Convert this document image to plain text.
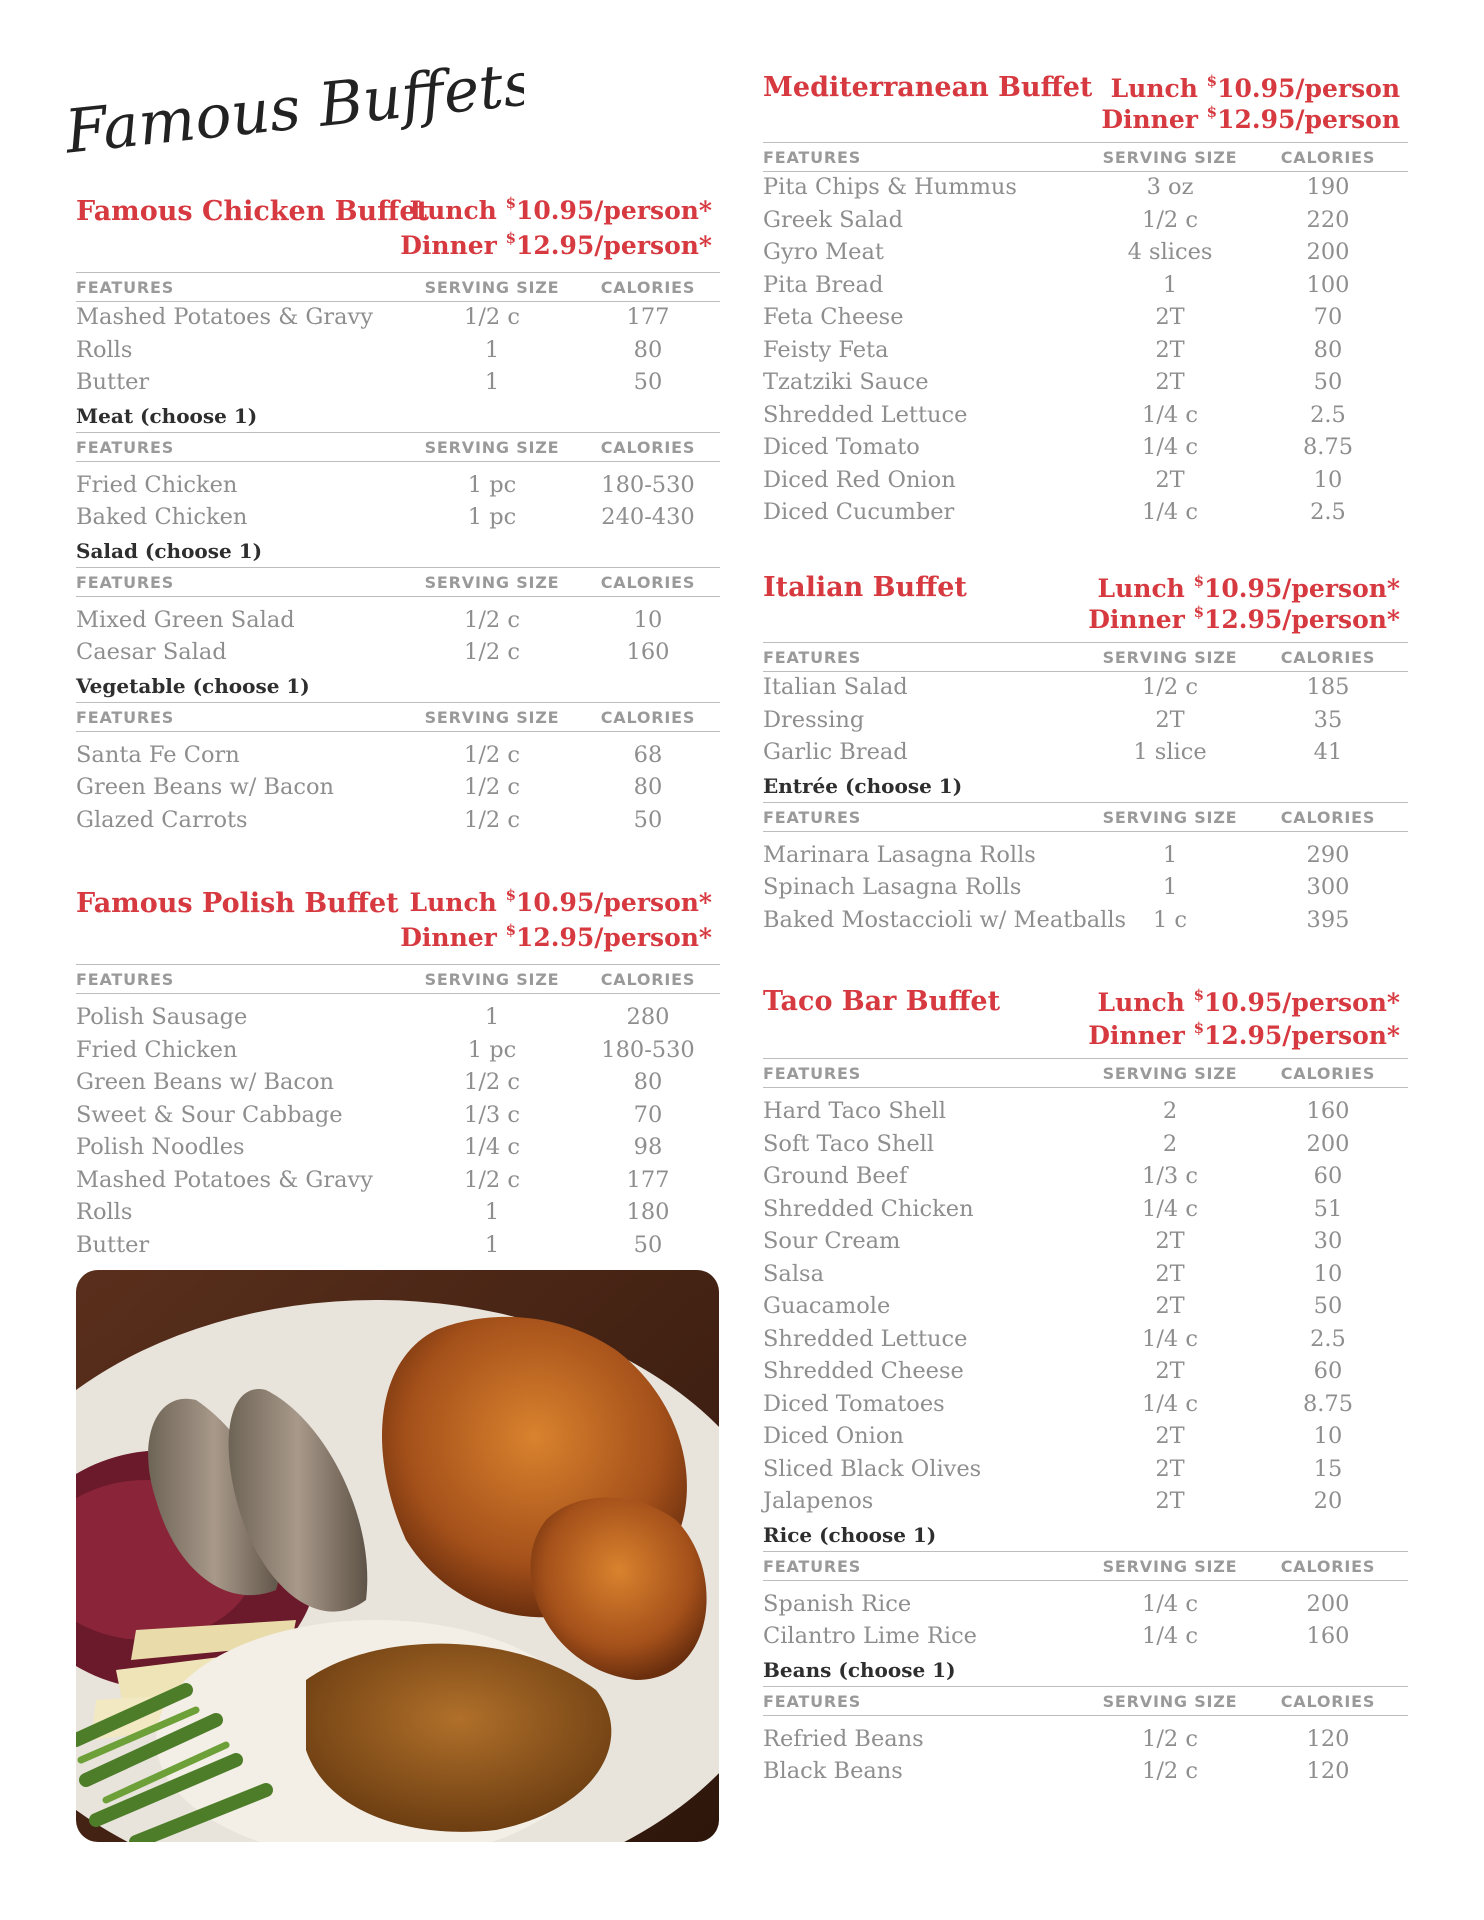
Famous Buffets
Famous Chicken Buffet
Lunch $10.95/person*
Dinner $12.95/person*
FEATURES	SERVING SIZE	CALORIES
Mashed Potatoes & Gravy	1/2 c	177
Rolls	1	80
Butter	1	50
Meat (choose 1)
FEATURES	SERVING SIZE	CALORIES
Fried Chicken	1 pc	180-530
Baked Chicken	1 pc	240-430
Salad (choose 1)
FEATURES	SERVING SIZE	CALORIES
Mixed Green Salad	1/2 c	10
Caesar Salad	1/2 c	160
Vegetable (choose 1)
FEATURES	SERVING SIZE	CALORIES
Santa Fe Corn	1/2 c	68
Green Beans w/ Bacon	1/2 c	80
Glazed Carrots	1/2 c	50
Famous Polish Buffet Lunch $10.95/person*
Dinner $12.95/person*
FEATURES	SERVING SIZE	CALORIES
Polish Sausage	1	280
Fried Chicken	1 pc	180-530
Green Beans w/ Bacon	1/2 c	80
Sweet & Sour Cabbage	1/3 c	70
Polish Noodles	1/4 c	98
Mashed Potatoes & Gravy	1/2 c	177
Rolls	1	180
Butter	1	50
Mediterranean Buffet Lunch $10.95/person
Dinner $12.95/person
FEATURES	SERVING SIZE	CALORIES
Pita Chips & Hummus	3 oz	190
Greek Salad	1/2 c	220
Gyro Meat	4 slices	200
Pita Bread	1	100
Feta Cheese	2T	70
Feisty Feta	2T	80
Tzatziki Sauce	2T	50
Shredded Lettuce	1/4 c	2.5
Diced Tomato	1/4 c	8.75
Diced Red Onion	2T	10
Diced Cucumber	1/4 c	2.5
Italian Buffet	Lunch $10.95/person*
Dinner $12.95/person*
FEATURES	SERVING SIZE	CALORIES
Italian Salad	1/2 c	185
Dressing	2T	35
Garlic Bread	1 slice	41
Entrée (choose 1)
FEATURES	SERVING SIZE	CALORIES
Marinara Lasagna Rolls	1	290
Spinach Lasagna Rolls	1	300
Baked Mostaccioli w/ Meatballs	1 c	395
Taco Bar Buffet	Lunch $10.95/person*
Dinner $12.95/person*
FEATURES	SERVING SIZE	CALORIES
Hard Taco Shell	2	160
Soft Taco Shell	2	200
Ground Beef	1/3 c	60
Shredded Chicken	1/4 c	51
Sour Cream	2T	30
Salsa	2T	10
Guacamole	2T	50
Shredded Lettuce	1/4 c	2.5
Shredded Cheese	2T	60
Diced Tomatoes	1/4 c	8.75
Diced Onion	2T	10
Sliced Black Olives	2T	15
Jalapenos	2T	20
Rice (choose 1)
FEATURES	SERVING SIZE	CALORIES
Spanish Rice	1/4 c	200
Cilantro Lime Rice	1/4 c	160
Beans (choose 1)
FEATURES	SERVING SIZE	CALORIES
Refried Beans	1/2 c	120
Black Beans	1/2 c	120
